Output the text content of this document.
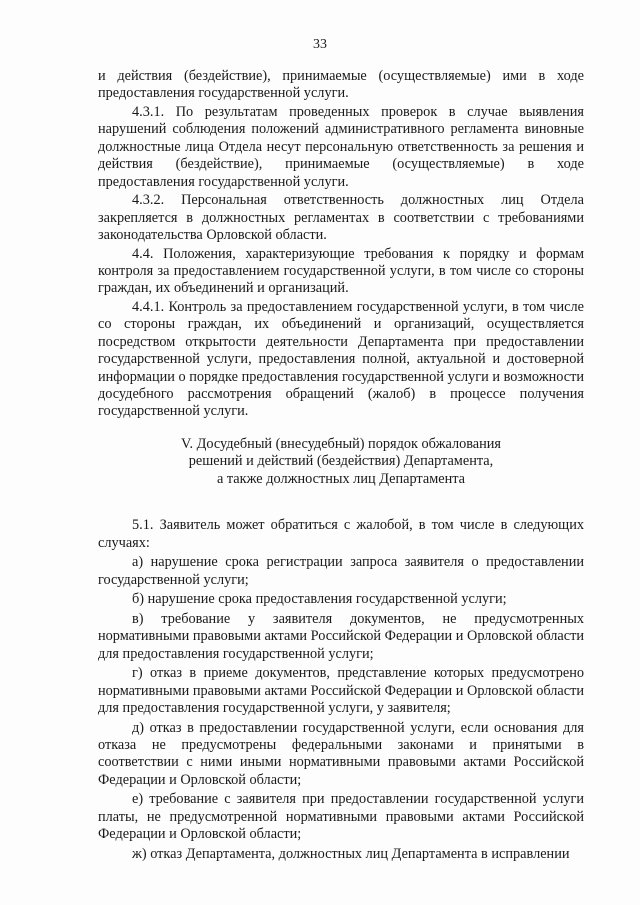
33

и действия (бездействие), принимаемые (осуществляемые) ими в ходе предоставления государственной услуги.

4.3.1. По результатам проведенных проверок в случае выявления нарушений соблюдения положений административного регламента виновные должностные лица Отдела несут персональную ответственность за решения и действия (бездействие), принимаемые (осуществляемые) в ходе предоставления государственной услуги.

4.3.2. Персональная ответственность должностных лиц Отдела закрепляется в должностных регламентах в соответствии с требованиями законодательства Орловской области.

4.4. Положения, характеризующие требования к порядку и формам контроля за предоставлением государственной услуги, в том числе со стороны граждан, их объединений и организаций.

4.4.1. Контроль за предоставлением государственной услуги, в том числе со стороны граждан, их объединений и организаций, осуществляется посредством открытости деятельности Департамента при предоставлении государственной услуги, предоставления полной, актуальной и достоверной информации о порядке предоставления государственной услуги и возможности досудебного рассмотрения обращений (жалоб) в процессе получения государственной услуги.

V. Досудебный (внесудебный) порядок обжалования
решений и действий (бездействия) Департамента,
а также должностных лиц Департамента

5.1. Заявитель может обратиться с жалобой, в том числе в следующих случаях:

а) нарушение срока регистрации запроса заявителя о предоставлении государственной услуги;

б) нарушение срока предоставления государственной услуги;

в) требование у заявителя документов, не предусмотренных нормативными правовыми актами Российской Федерации и Орловской области для предоставления государственной услуги;

г) отказ в приеме документов, представление которых предусмотрено нормативными правовыми актами Российской Федерации и Орловской области для предоставления государственной услуги, у заявителя;

д) отказ в предоставлении государственной услуги, если основания для отказа не предусмотрены федеральными законами и принятыми в соответствии с ними иными нормативными правовыми актами Российской Федерации и Орловской области;

е) требование с заявителя при предоставлении государственной услуги платы, не предусмотренной нормативными правовыми актами Российской Федерации и Орловской области;

ж) отказ Департамента, должностных лиц Департамента в исправлении
